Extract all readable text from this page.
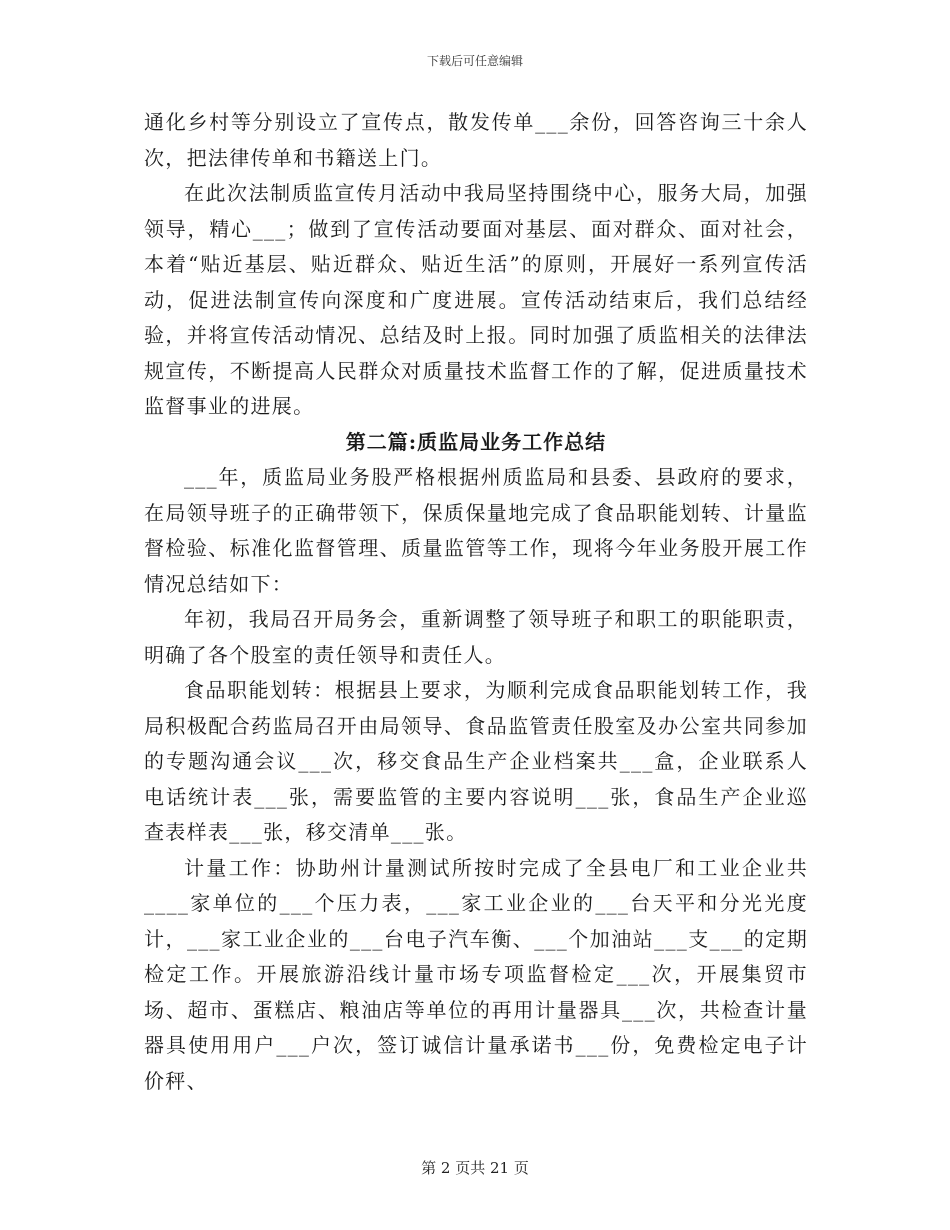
下载后可任意编辑

通化乡村等分别设立了宣传点，散发传单___余份，回答咨询三十余人次，把法律传单和书籍送上门。

在此次法制质监宣传月活动中我局坚持围绕中心，服务大局，加强领导，精心___；做到了宣传活动要面对基层、面对群众、面对社会，本着“贴近基层、贴近群众、贴近生活”的原则，开展好一系列宣传活动，促进法制宣传向深度和广度进展。宣传活动结束后，我们总结经验，并将宣传活动情况、总结及时上报。同时加强了质监相关的法律法规宣传，不断提高人民群众对质量技术监督工作的了解，促进质量技术监督事业的进展。

第二篇:质监局业务工作总结

___年，质监局业务股严格根据州质监局和县委、县政府的要求，在局领导班子的正确带领下，保质保量地完成了食品职能划转、计量监督检验、标准化监督管理、质量监管等工作，现将今年业务股开展工作情况总结如下：

年初，我局召开局务会，重新调整了领导班子和职工的职能职责，明确了各个股室的责任领导和责任人。

食品职能划转：根据县上要求，为顺利完成食品职能划转工作，我局积极配合药监局召开由局领导、食品监管责任股室及办公室共同参加的专题沟通会议___次，移交食品生产企业档案共___盒，企业联系人电话统计表___张，需要监管的主要内容说明___张，食品生产企业巡查表样表___张，移交清单___张。

计量工作：协助州计量测试所按时完成了全县电厂和工业企业共____家单位的___个压力表，___家工业企业的___台天平和分光光度计，___家工业企业的___台电子汽车衡、___个加油站___支___的定期检定工作。开展旅游沿线计量市场专项监督检定___次，开展集贸市场、超市、蛋糕店、粮油店等单位的再用计量器具___次，共检查计量器具使用用户___户次，签订诚信计量承诺书___份，免费检定电子计价秤、

第 2 页共 21 页
